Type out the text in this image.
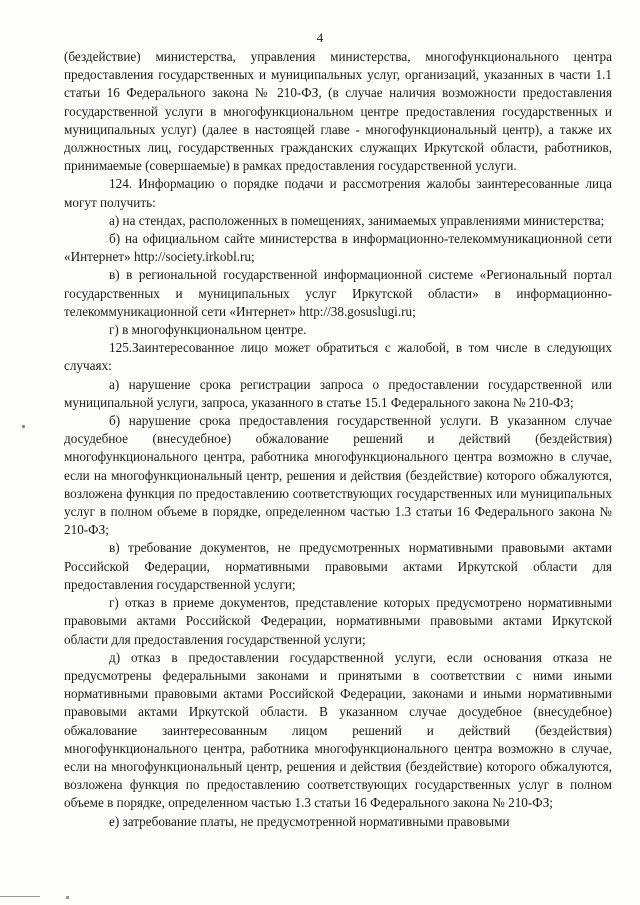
4

(бездействие) министерства, управления министерства, многофункционального центра предоставления государственных и муниципальных услуг, организаций, указанных в части 1.1 статьи 16 Федерального закона № 210-ФЗ, (в случае наличия возможности предоставления государственной услуги в многофункциональном центре предоставления государственных и муниципальных услуг) (далее в настоящей главе - многофункциональный центр), а также их должностных лиц, государственных гражданских служащих Иркутской области, работников, принимаемые (совершаемые) в рамках предоставления государственной услуги.

124. Информацию о порядке подачи и рассмотрения жалобы заинтересованные лица могут получить:

а) на стендах, расположенных в помещениях, занимаемых управлениями министерства;

б) на официальном сайте министерства в информационно-телекоммуникационной сети «Интернет» http://society.irkobl.ru;

в) в региональной государственной информационной системе «Региональный портал государственных и муниципальных услуг Иркутской области» в информационно-телекоммуникационной сети «Интернет» http://38.gosuslugi.ru;

г) в многофункциональном центре.

125.Заинтересованное лицо может обратиться с жалобой, в том числе в следующих случаях:

а) нарушение срока регистрации запроса о предоставлении государственной или муниципальной услуги, запроса, указанного в статье 15.1 Федерального закона № 210-ФЗ;

б) нарушение срока предоставления государственной услуги. В указанном случае досудебное (внесудебное) обжалование решений и действий (бездействия) многофункционального центра, работника многофункционального центра возможно в случае, если на многофункциональный центр, решения и действия (бездействие) которого обжалуются, возложена функция по предоставлению соответствующих государственных или муниципальных услуг в полном объеме в порядке, определенном частью 1.3 статьи 16 Федерального закона № 210-ФЗ;

в) требование документов, не предусмотренных нормативными правовыми актами Российской Федерации, нормативными правовыми актами Иркутской области для предоставления государственной услуги;

г) отказ в приеме документов, представление которых предусмотрено нормативными правовыми актами Российской Федерации, нормативными правовыми актами Иркутской области для предоставления государственной услуги;

д) отказ в предоставлении государственной услуги, если основания отказа не предусмотрены федеральными законами и принятыми в соответствии с ними иными нормативными правовыми актами Российской Федерации, законами и иными нормативными правовыми актами Иркутской области. В указанном случае досудебное (внесудебное) обжалование заинтересованным лицом решений и действий (бездействия) многофункционального центра, работника многофункционального центра возможно в случае, если на многофункциональный центр, решения и действия (бездействие) которого обжалуются, возложена функция по предоставлению соответствующих государственных услуг в полном объеме в порядке, определенном частью 1.3 статьи 16 Федерального закона № 210-ФЗ;

е) затребование платы, не предусмотренной нормативными правовыми
